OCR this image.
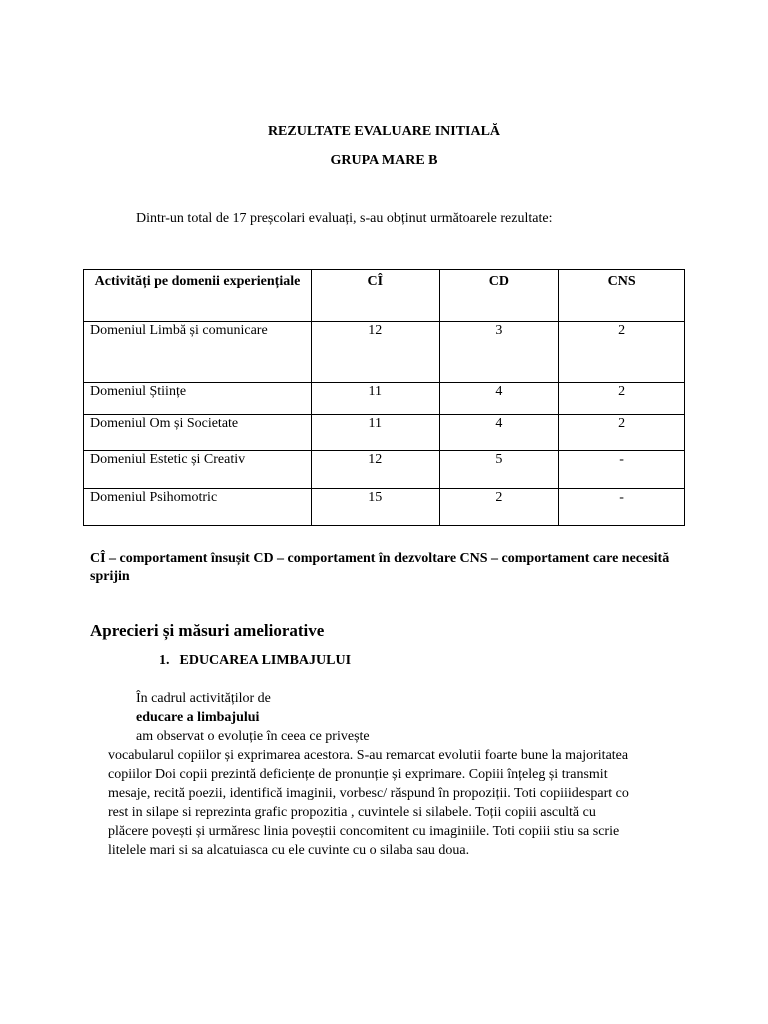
REZULTATE EVALUARE INITIALĂ
GRUPA MARE B
Dintr-un total de 17 preșcolari evaluați, s-au obținut următoarele rezultate:
Activități pe domenii experiențiale	CÎ	CD	CNS
Domeniul Limbă și comunicare	12	3	2
Domeniul Științe	11	4	2
Domeniul Om și Societate	11	4	2
Domeniul Estetic și Creativ	12	5	-
Domeniul Psihomotric	15	2	-
CÎ – comportament însușit CD – comportament în dezvoltare CNS – comportament care necesită sprijin
Aprecieri și măsuri ameliorative
1. EDUCAREA LIMBAJULUI
În cadrul activităților de
educare a limbajului
am observat o evoluție în ceea ce privește
vocabularul copiilor și exprimarea acestora. S-au remarcat evolutii foarte bune la majoritatea
copiilor Doi copii prezintă deficiențe de pronunție și exprimare. Copiii înțeleg și transmit
mesaje, recită poezii, identifică imaginii, vorbesc/ răspund în propoziții. Toti copiiidespart co
rest in silape si reprezinta grafic propozitia , cuvintele si silabele. Toții copiii ascultă cu
plăcere povești și urmăresc linia poveștii concomitent cu imaginiile. Toti copiii stiu sa scrie
litelele mari si sa alcatuiasca cu ele cuvinte cu o silaba sau doua.
